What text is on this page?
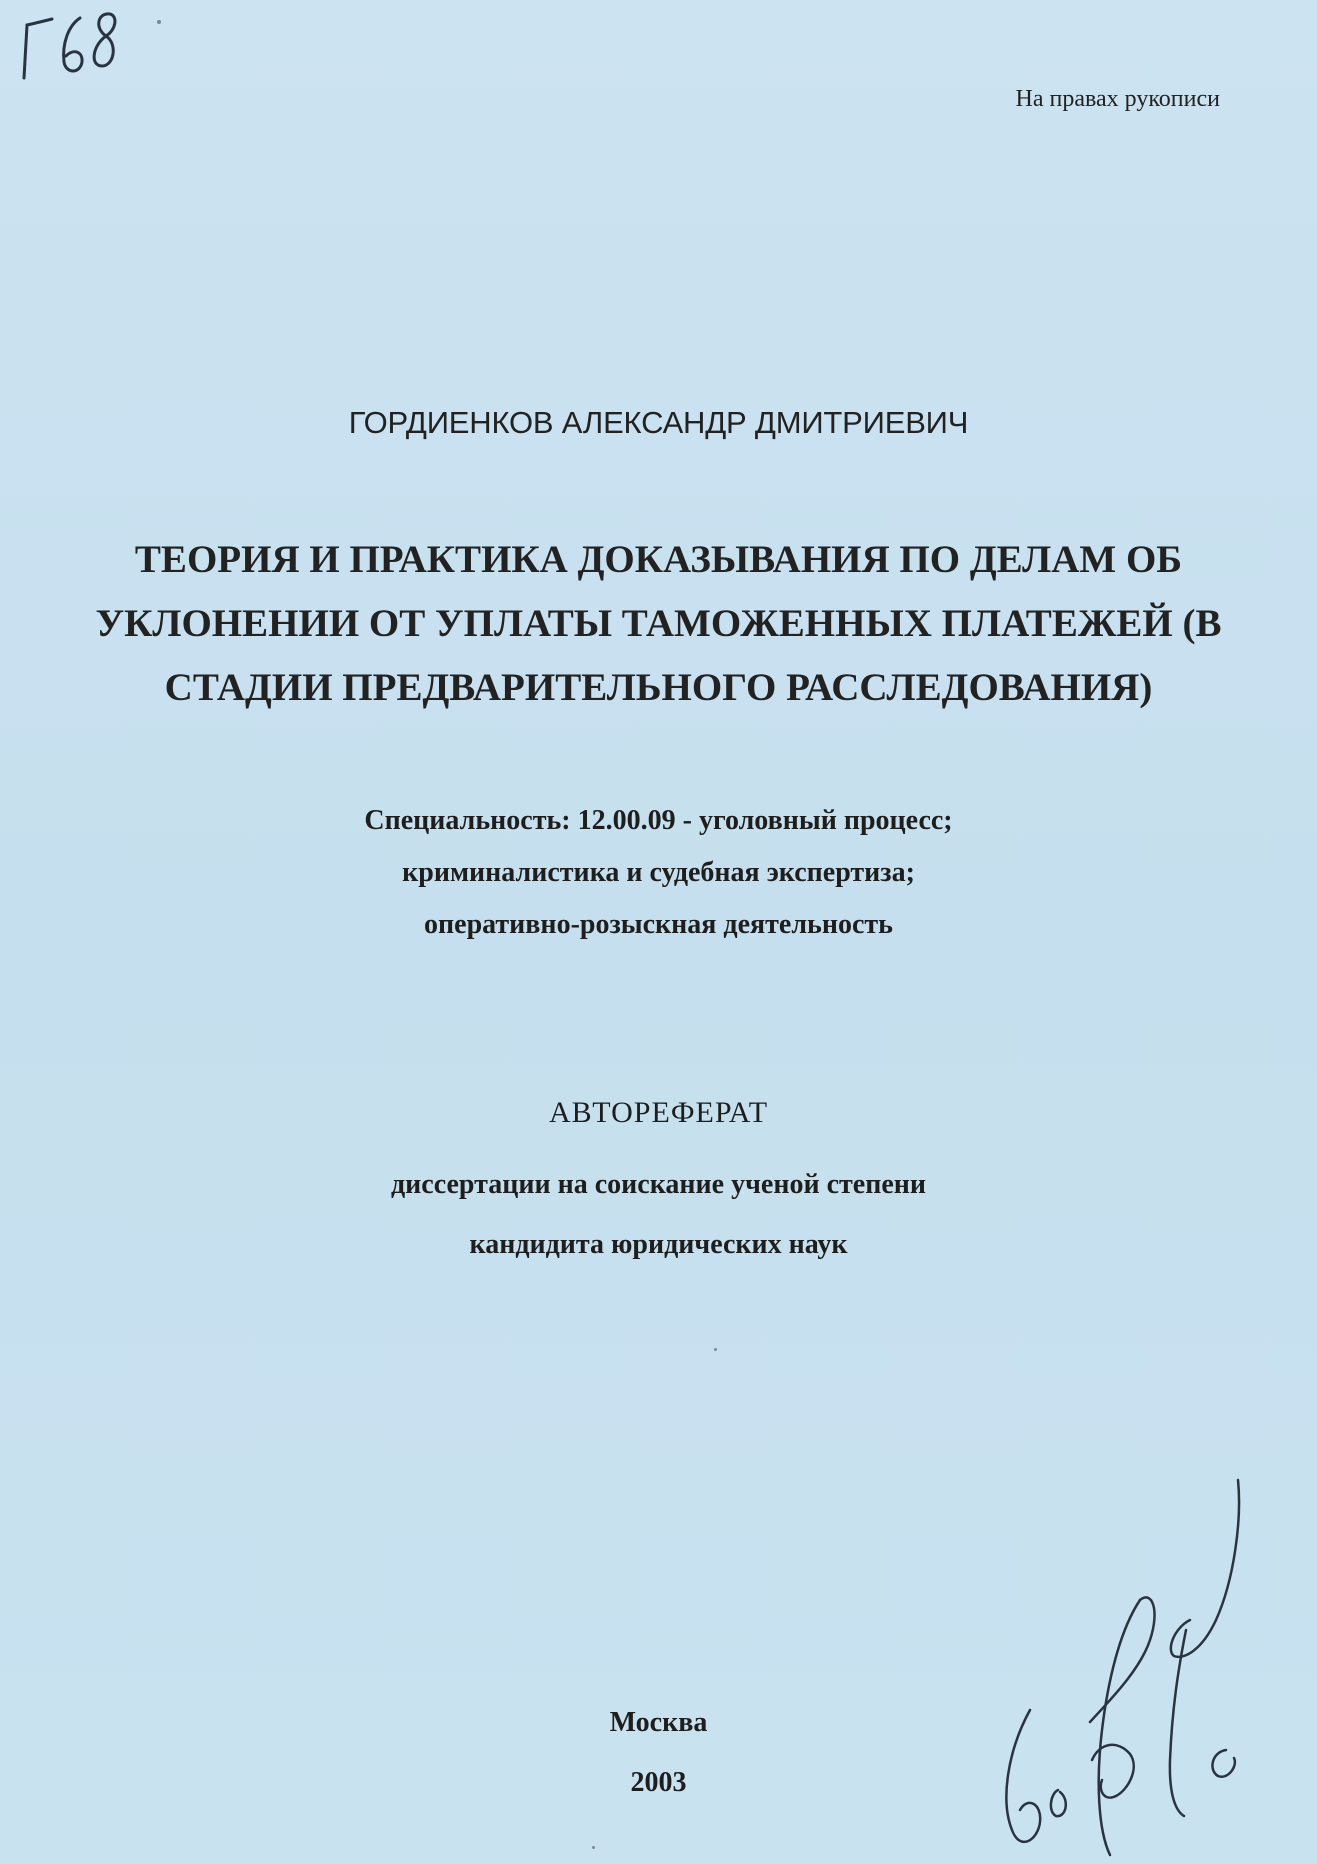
На правах рукописи
ГОРДИЕНКОВ АЛЕКСАНДР ДМИТРИЕВИЧ
ТЕОРИЯ И ПРАКТИКА ДОКАЗЫВАНИЯ ПО ДЕЛАМ ОБ
УКЛОНЕНИИ ОТ УПЛАТЫ ТАМОЖЕННЫХ ПЛАТЕЖЕЙ (В
СТАДИИ ПРЕДВАРИТЕЛЬНОГО РАССЛЕДОВАНИЯ)
Специальность: 12.00.09 - уголовный процесс;
криминалистика и судебная экспертиза;
оперативно-розыскная деятельность
АВТОРЕФЕРАТ
диссертации на соискание ученой степени
кандидита юридических наук
Москва
2003
